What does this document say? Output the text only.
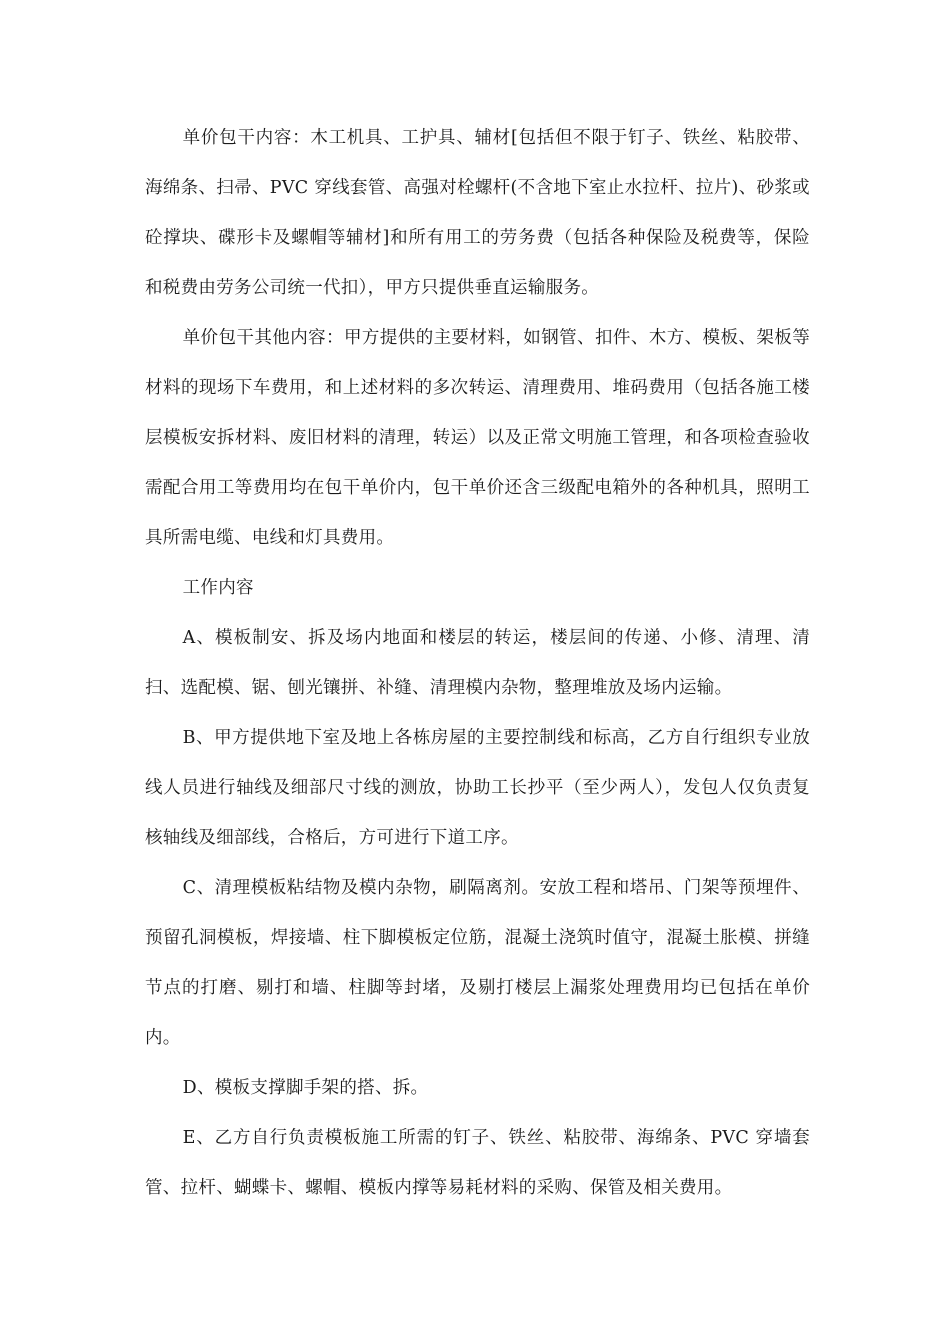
单价包干内容：木工机具、工护具、辅材[包括但不限于钉子、铁丝、粘胶带、海绵条、扫帚、PVC 穿线套管、高强对栓螺杆(不含地下室止水拉杆、拉片)、砂浆或砼撑块、碟形卡及螺帽等辅材]和所有用工的劳务费（包括各种保险及税费等，保险和税费由劳务公司统一代扣），甲方只提供垂直运输服务。

单价包干其他内容：甲方提供的主要材料，如钢管、扣件、木方、模板、架板等材料的现场下车费用，和上述材料的多次转运、清理费用、堆码费用（包括各施工楼层模板安拆材料、废旧材料的清理，转运）以及正常文明施工管理，和各项检查验收需配合用工等费用均在包干单价内，包干单价还含三级配电箱外的各种机具，照明工具所需电缆、电线和灯具费用。

工作内容

A、模板制安、拆及场内地面和楼层的转运，楼层间的传递、小修、清理、清扫、选配模、锯、刨光镶拼、补缝、清理模内杂物，整理堆放及场内运输。

B、甲方提供地下室及地上各栋房屋的主要控制线和标高，乙方自行组织专业放线人员进行轴线及细部尺寸线的测放，协助工长抄平（至少两人），发包人仅负责复核轴线及细部线，合格后，方可进行下道工序。

C、清理模板粘结物及模内杂物，刷隔离剂。安放工程和塔吊、门架等预埋件、预留孔洞模板，焊接墙、柱下脚模板定位筋，混凝土浇筑时值守，混凝土胀模、拼缝节点的打磨、剔打和墙、柱脚等封堵，及剔打楼层上漏浆处理费用均已包括在单价内。

D、模板支撑脚手架的搭、拆。

E、乙方自行负责模板施工所需的钉子、铁丝、粘胶带、海绵条、PVC 穿墙套管、拉杆、蝴蝶卡、螺帽、模板内撑等易耗材料的采购、保管及相关费用。
